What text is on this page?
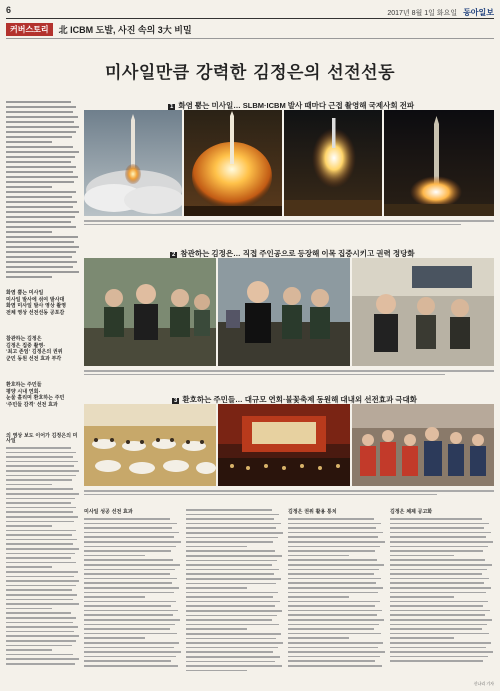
6	2017년 8월 1일 화요일 동아일보
커버스토리	北 ICBM 도발, 사진 속의 3大 비밀
미사일만큼 강력한 김정은의 선전선동
1 화염 뿜는 미사일… SLBM·ICBM 발사 때마다 근접 촬영해 국제사회 전파
화염 뿜는 미사일
미사일 발사에 섞여 발사대
화염 미사일 발사 영상 촬영
전체 영상 선전선동 공포감
참관하는 김정은
김정은 집중 촬영·
'최고 존엄' 김정은의 권위
군민 동원 선전 효과 부각
환호하는 주민들
평양 시내 연회·
눈물 흘리며 환호하는 주민
'주민들 감격' 선전 효과
2 참관하는 김정은… 직접 주인공으로 등장해 이목 집중시키고 권력 정당화
3 환호하는 주민들… 대규모 연회·불꽃축제 동원해 대내외 선전효과 극대화
의 영상 보도 이어가 김정은의 미사일
미사일 성공 선전 효과	김정은 권위 활용 통치	김정은 체제 공고화
신나리 기자
